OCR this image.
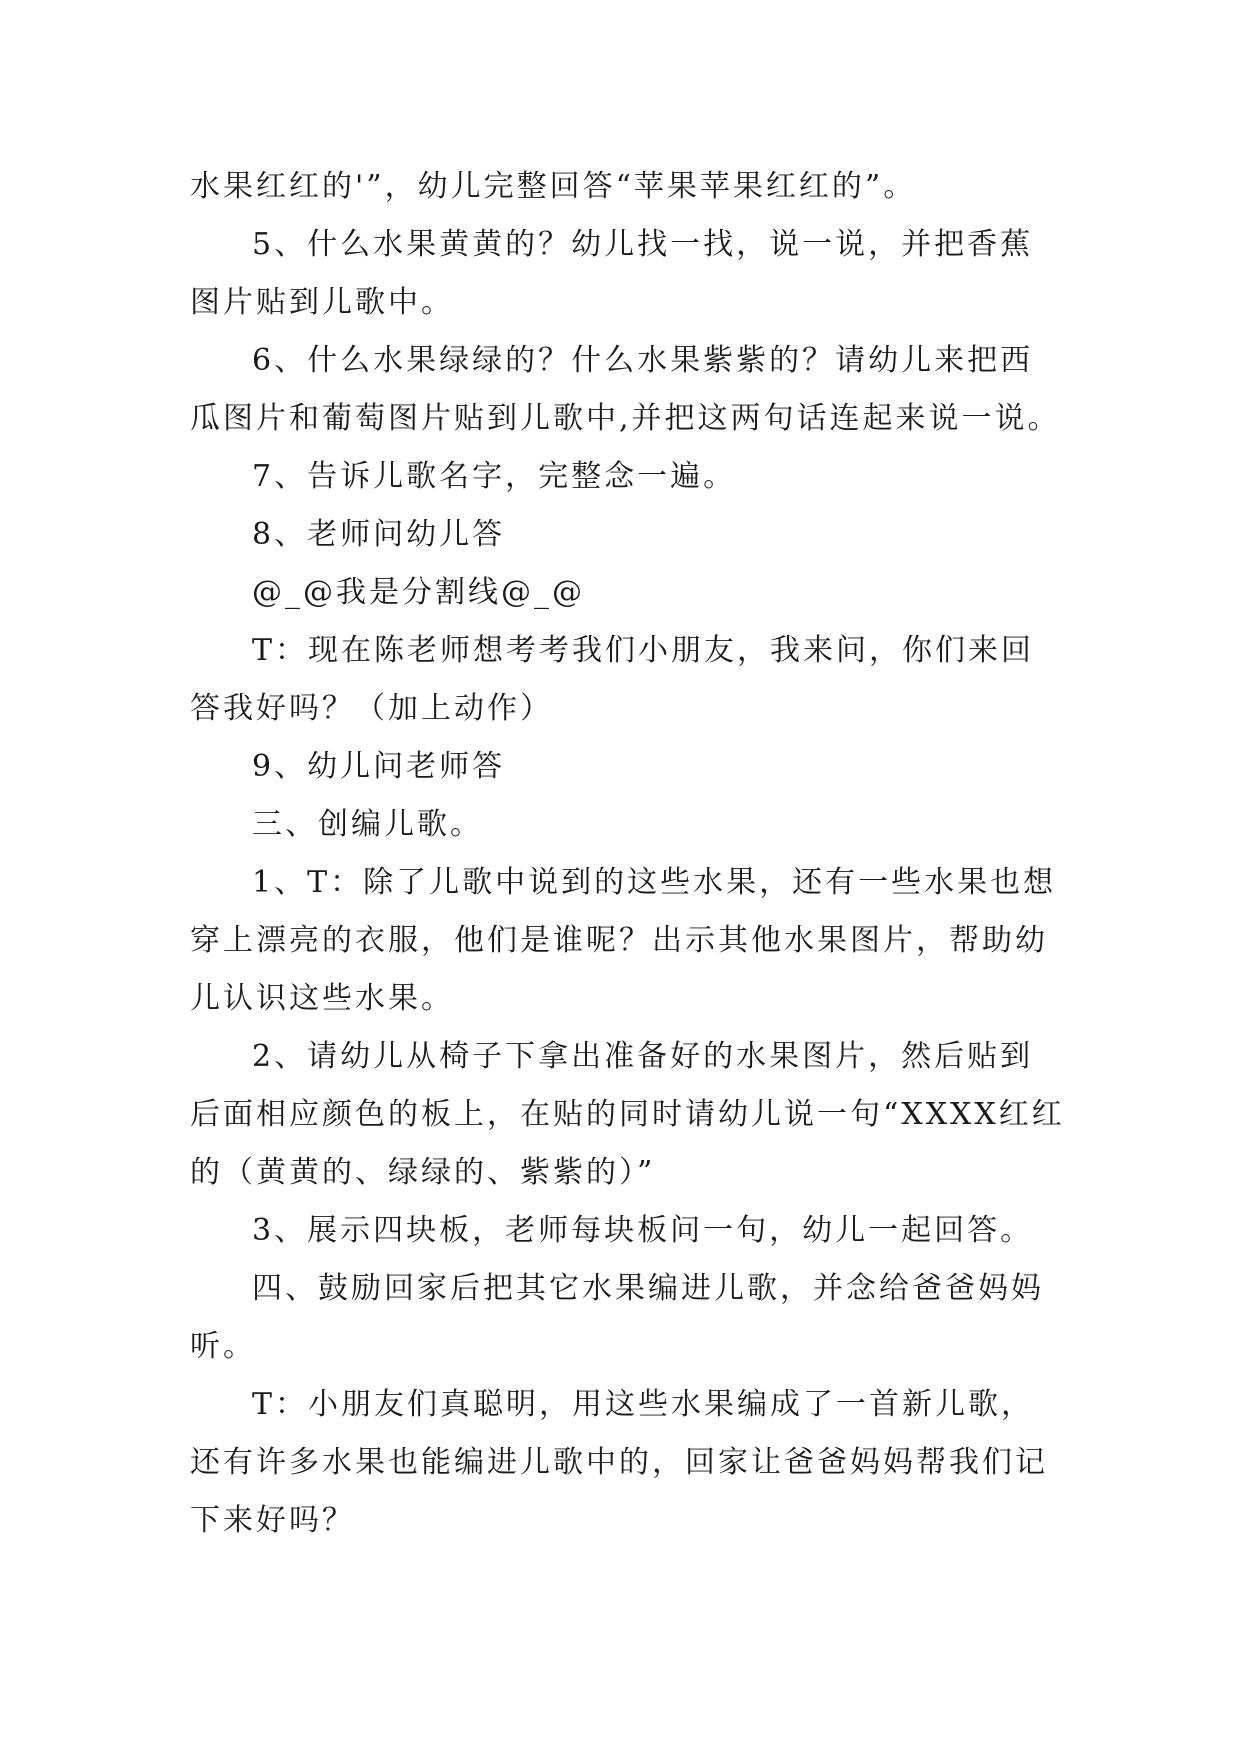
水果红红的'”，幼儿完整回答“苹果苹果红红的”。
5、什么水果黄黄的？幼儿找一找，说一说，并把香蕉
图片贴到儿歌中。
6、什么水果绿绿的？什么水果紫紫的？请幼儿来把西
瓜图片和葡萄图片贴到儿歌中,并把这两句话连起来说一说。
7、告诉儿歌名字，完整念一遍。
8、老师问幼儿答
@_@我是分割线@_@
T：现在陈老师想考考我们小朋友，我来问，你们来回
答我好吗？（加上动作）
9、幼儿问老师答
三、创编儿歌。
1、T：除了儿歌中说到的这些水果，还有一些水果也想
穿上漂亮的衣服，他们是谁呢？出示其他水果图片，帮助幼
儿认识这些水果。
2、请幼儿从椅子下拿出准备好的水果图片，然后贴到
后面相应颜色的板上，在贴的同时请幼儿说一句“XXXX红红
的（黄黄的、绿绿的、紫紫的）”
3、展示四块板，老师每块板问一句，幼儿一起回答。
四、鼓励回家后把其它水果编进儿歌，并念给爸爸妈妈
听。
T：小朋友们真聪明，用这些水果编成了一首新儿歌，
还有许多水果也能编进儿歌中的，回家让爸爸妈妈帮我们记
下来好吗？
